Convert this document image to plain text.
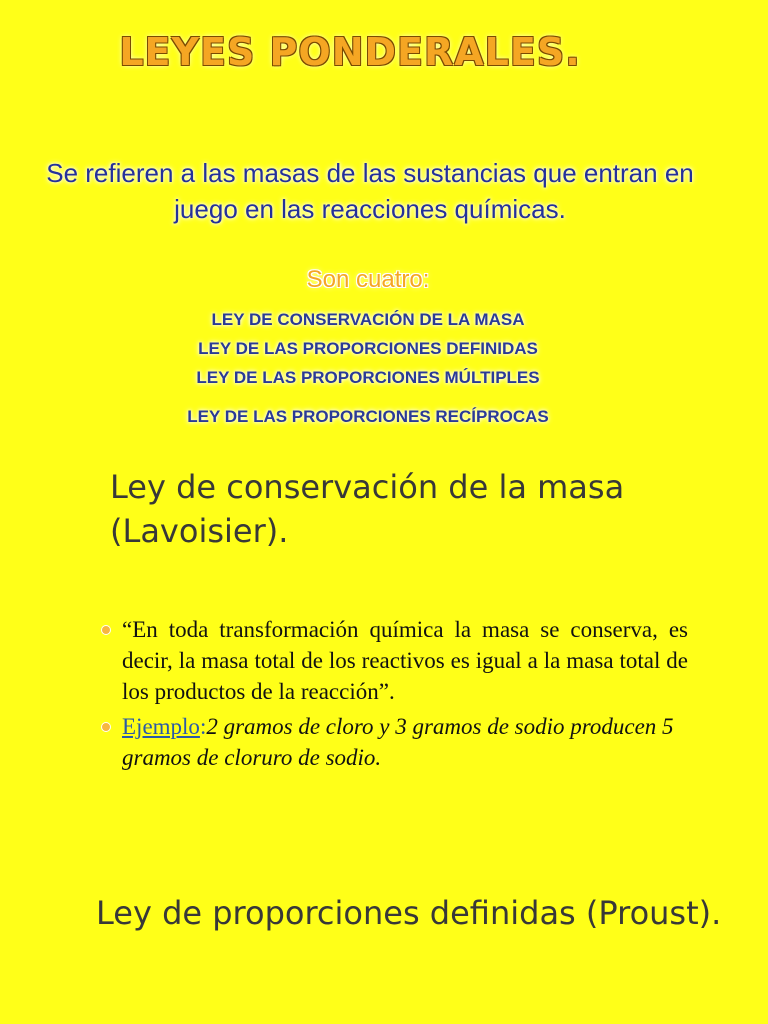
LEYES PONDERALES.
Se refieren a las masas de las sustancias que entran en juego en las reacciones químicas.
Son cuatro:
LEY DE CONSERVACIÓN DE LA MASA
LEY DE LAS PROPORCIONES DEFINIDAS
LEY DE LAS PROPORCIONES MÚLTIPLES
LEY DE LAS PROPORCIONES RECÍPROCAS
Ley de conservación de la masa (Lavoisier).
“En toda transformación química la masa se conserva, es decir, la masa total de los reactivos es igual a la masa total de los productos de la reacción”.
Ejemplo:2 gramos de cloro y 3 gramos de sodio producen 5 gramos de cloruro de sodio.
Ley de proporciones definidas (Proust).
